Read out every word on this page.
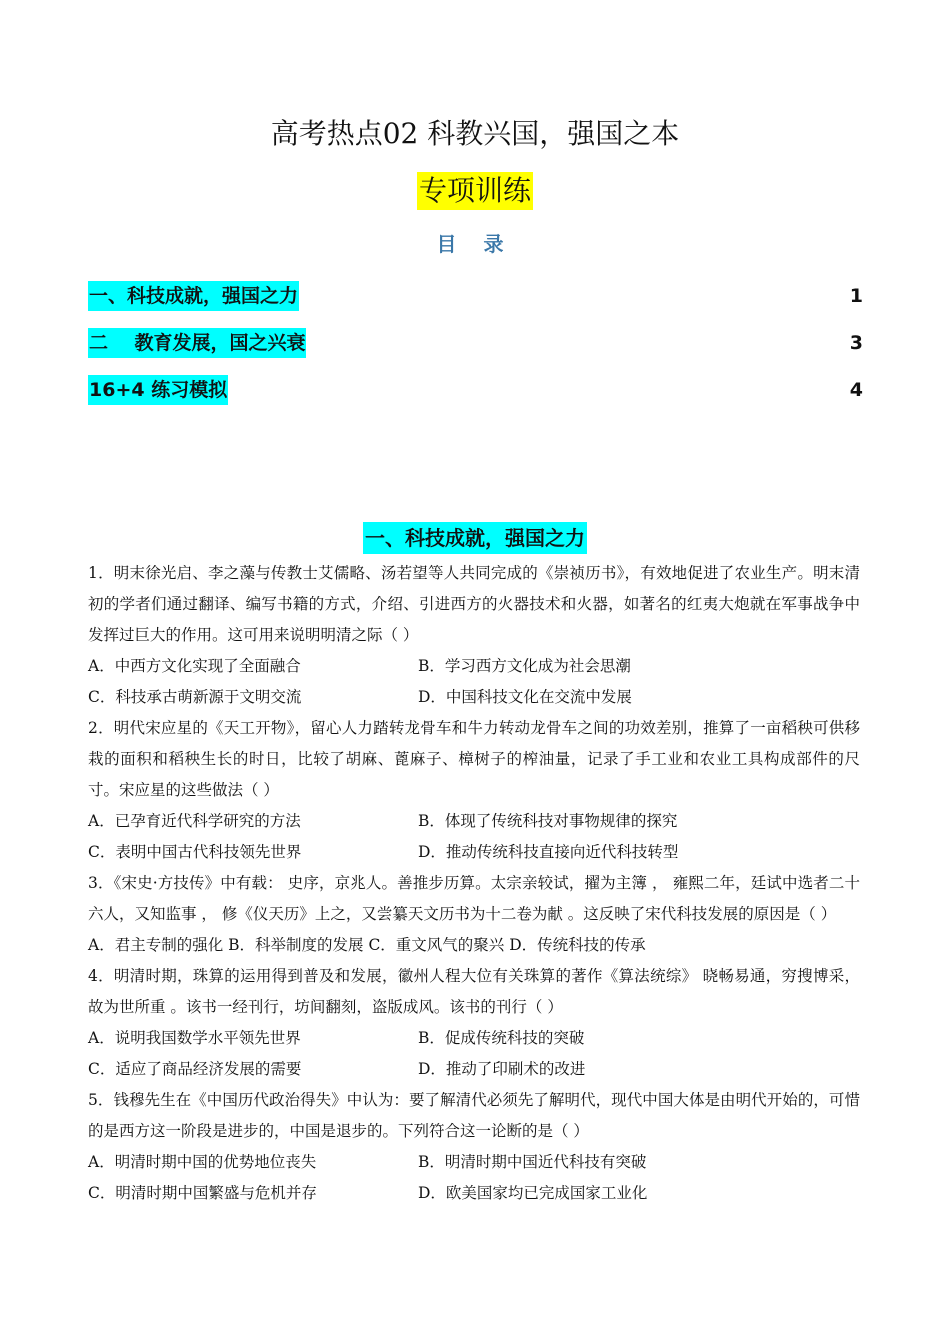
高考热点02 科教兴国，强国之本
专项训练
目 录
一、科技成就，强国之力	1
二    教育发展，国之兴衰	3
16+4 练习模拟	4
一、科技成就，强国之力
1．明末徐光启、李之藻与传教士艾儒略、汤若望等人共同完成的《崇祯历书》，有效地促进了农业生产。明末清初的学者们通过翻译、编写书籍的方式，介绍、引进西方的火器技术和火器，如著名的红夷大炮就在军事战争中发挥过巨大的作用。这可用来说明明清之际（ ）
A．中西方文化实现了全面融合	B．学习西方文化成为社会思潮
C．科技承古萌新源于文明交流	D．中国科技文化在交流中发展
2．明代宋应星的《天工开物》，留心人力踏转龙骨车和牛力转动龙骨车之间的功效差别，推算了一亩稻秧可供移栽的面积和稻秧生长的时日，比较了胡麻、蓖麻子、樟树子的榨油量，记录了手工业和农业工具构成部件的尺寸。宋应星的这些做法（ ）
A．已孕育近代科学研究的方法	B．体现了传统科技对事物规律的探究
C．表明中国古代科技领先世界	D．推动传统科技直接向近代科技转型
3．《宋史·方技传》中有载： 史序，京兆人。善推步历算。太宗亲较试，擢为主簿 ， 雍熙二年，廷试中选者二十六人，又知监事 ， 修《仪天历》上之，又尝纂天文历书为十二卷为献 。这反映了宋代科技发展的原因是（ ）
A．君主专制的强化 B．科举制度的发展 C．重文风气的聚兴 D．传统科技的传承
4．明清时期，珠算的运用得到普及和发展，徽州人程大位有关珠算的著作《算法统综》 晓畅易通，穷搜博采，故为世所重 。该书一经刊行，坊间翻刻，盗版成风。该书的刊行（ ）
A．说明我国数学水平领先世界	B．促成传统科技的突破
C．适应了商品经济发展的需要	D．推动了印刷术的改进
5．钱穆先生在《中国历代政治得失》中认为：要了解清代必须先了解明代，现代中国大体是由明代开始的，可惜的是西方这一阶段是进步的，中国是退步的。下列符合这一论断的是（ ）
A．明清时期中国的优势地位丧失	B．明清时期中国近代科技有突破
C．明清时期中国繁盛与危机并存	D．欧美国家均已完成国家工业化
